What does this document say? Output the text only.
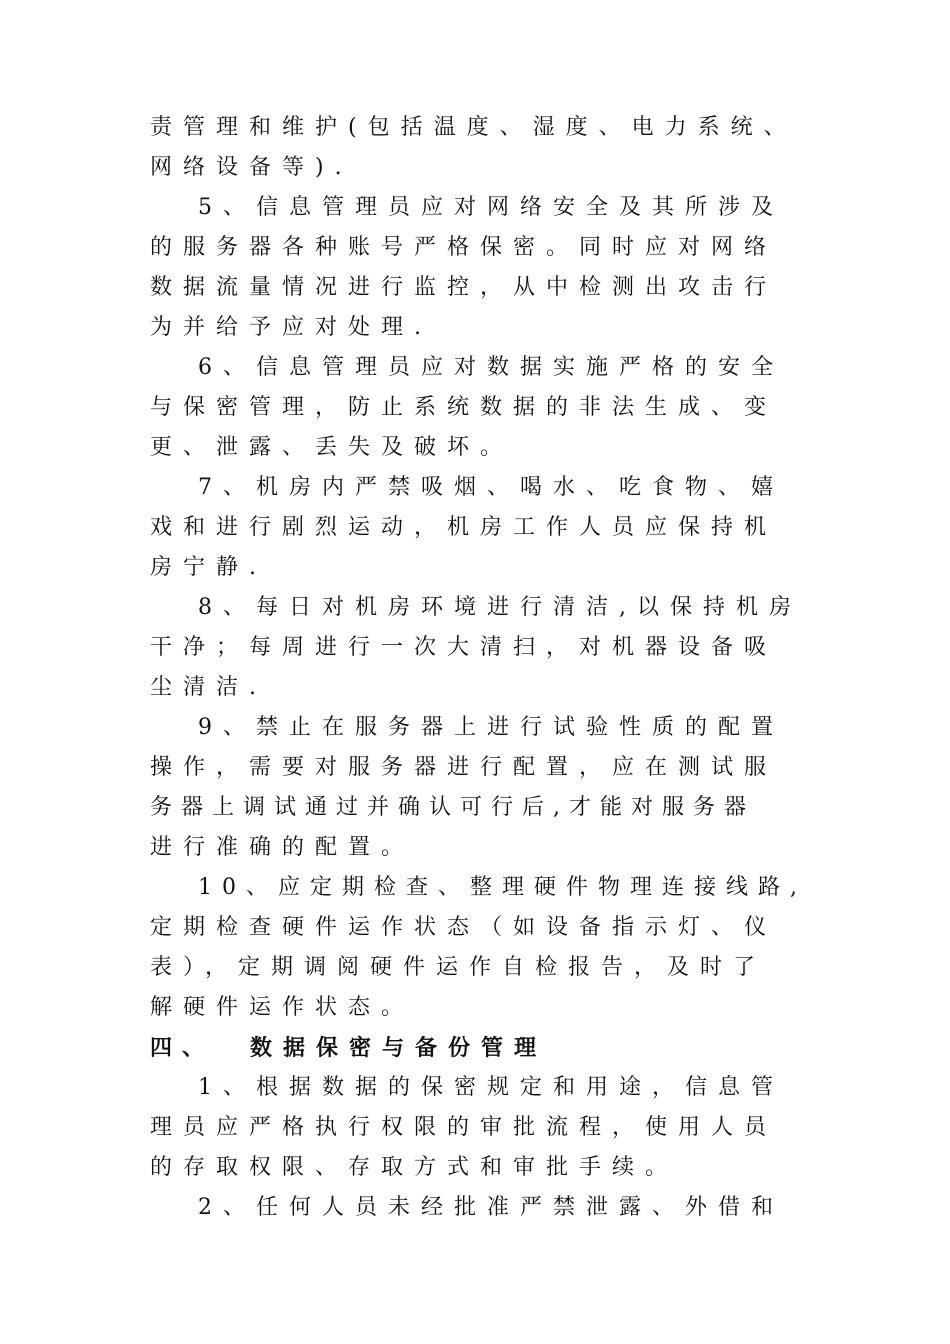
责管理和维护(包括温度、湿度、电力系统、
网络设备等).
5、信息管理员应对网络安全及其所涉及
的服务器各种账号严格保密。同时应对网络
数据流量情况进行监控，从中检测出攻击行
为并给予应对处理.
6、信息管理员应对数据实施严格的安全
与保密管理，防止系统数据的非法生成、变
更、泄露、丢失及破坏。
7、机房内严禁吸烟、喝水、吃食物、嬉
戏和进行剧烈运动，机房工作人员应保持机
房宁静.
8、每日对机房环境进行清洁,以保持机房
干净；每周进行一次大清扫，对机器设备吸
尘清洁.
9、禁止在服务器上进行试验性质的配置
操作，需要对服务器进行配置，应在测试服
务器上调试通过并确认可行后,才能对服务器
进行准确的配置。
10、应定期检查、整理硬件物理连接线路,
定期检查硬件运作状态（如设备指示灯、仪
表），定期调阅硬件运作自检报告，及时了
解硬件运作状态。
四、 数据保密与备份管理
1、根据数据的保密规定和用途，信息管
理员应严格执行权限的审批流程，使用人员
的存取权限、存取方式和审批手续。
2、任何人员未经批准严禁泄露、外借和
